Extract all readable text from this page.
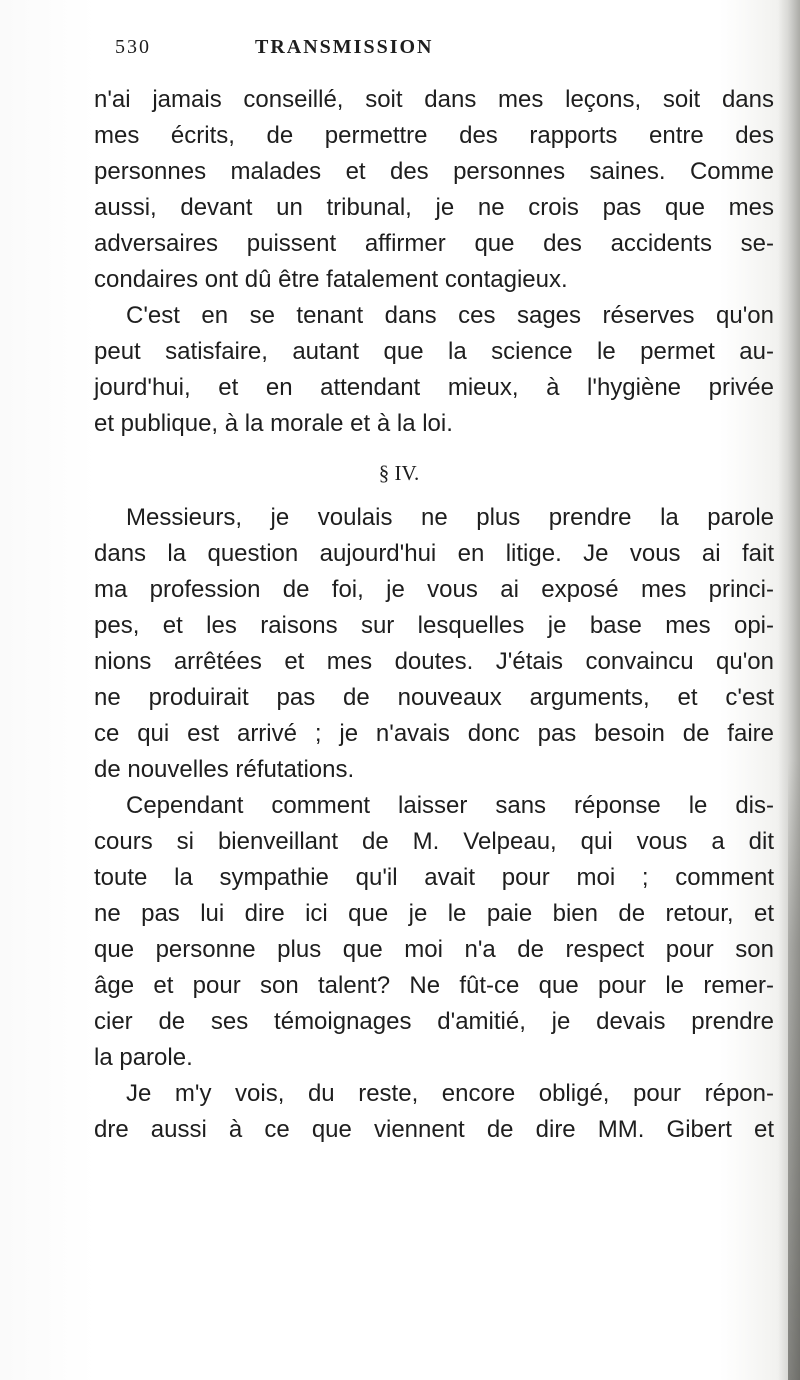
530	TRANSMISSION
n'ai jamais conseillé, soit dans mes leçons, soit dans
mes écrits, de permettre des rapports entre des
personnes malades et des personnes saines. Comme
aussi, devant un tribunal, je ne crois pas que mes
adversaires puissent affirmer que des accidents se-
condaires ont dû être fatalement contagieux.
C'est en se tenant dans ces sages réserves qu'on
peut satisfaire, autant que la science le permet au-
jourd'hui, et en attendant mieux, à l'hygiène privée
et publique, à la morale et à la loi.
§ IV.
Messieurs, je voulais ne plus prendre la parole
dans la question aujourd'hui en litige. Je vous ai fait
ma profession de foi, je vous ai exposé mes princi-
pes, et les raisons sur lesquelles je base mes opi-
nions arrêtées et mes doutes. J'étais convaincu qu'on
ne produirait pas de nouveaux arguments, et c'est
ce qui est arrivé ; je n'avais donc pas besoin de faire
de nouvelles réfutations.
Cependant comment laisser sans réponse le dis-
cours si bienveillant de M. Velpeau, qui vous a dit
toute la sympathie qu'il avait pour moi ; comment
ne pas lui dire ici que je le paie bien de retour, et
que personne plus que moi n'a de respect pour son
âge et pour son talent? Ne fût-ce que pour le remer-
cier de ses témoignages d'amitié, je devais prendre
la parole.
Je m'y vois, du reste, encore obligé, pour répon-
dre aussi à ce que viennent de dire MM. Gibert et
